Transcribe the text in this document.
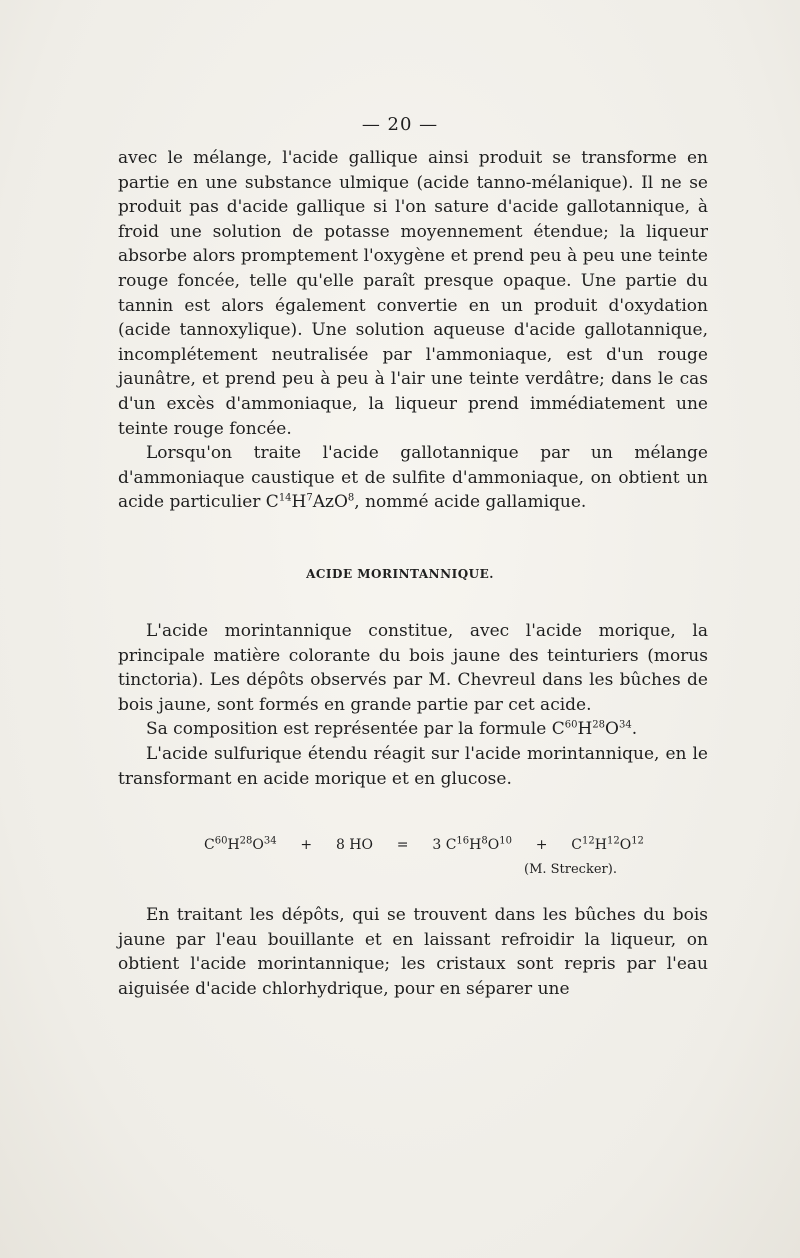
— 20 —

avec le mélange, l'acide gallique ainsi produit se transforme en partie en une substance ulmique (acide tanno-mélanique). Il ne se produit pas d'acide gallique si l'on sature d'acide gallotannique, à froid une solution de potasse moyennement étendue; la liqueur absorbe alors promptement l'oxygène et prend peu à peu une teinte rouge foncée, telle qu'elle paraît presque opaque. Une partie du tannin est alors également convertie en un produit d'oxydation (acide tannoxylique). Une solution aqueuse d'acide gallotannique, incomplétement neutralisée par l'ammoniaque, est d'un rouge jaunâtre, et prend peu à peu à l'air une teinte verdâtre; dans le cas d'un excès d'ammoniaque, la liqueur prend immédiatement une teinte rouge foncée.

Lorsqu'on traite l'acide gallotannique par un mélange d'ammoniaque caustique et de sulfite d'ammoniaque, on obtient un acide particulier $C^{14}H^7AzO^8$, nommé acide gallamique.

ACIDE MORINTANNIQUE.

L'acide morintannique constitue, avec l'acide morique, la principale matière colorante du bois jaune des teinturiers (morus tinctoria). Les dépôts observés par M. Chevreul dans les bûches de bois jaune, sont formés en grande partie par cet acide.

Sa composition est représentée par la formule $C^{60}H^{28}O^{34}$.

L'acide sulfurique étendu réagit sur l'acide morintannique, en le transformant en acide morique et en glucose.

$C^{60}H^{28}O^{34} + 8$ HO = 3 $C^{16}H^8O^{10} + C^{12}H^{12}O^{12}$
(M. Strecker).

En traitant les dépôts, qui se trouvent dans les bûches du bois jaune par l'eau bouillante et en laissant refroidir la liqueur, on obtient l'acide morintannique; les cristaux sont repris par l'eau aiguisée d'acide chlorhydrique, pour en séparer une
